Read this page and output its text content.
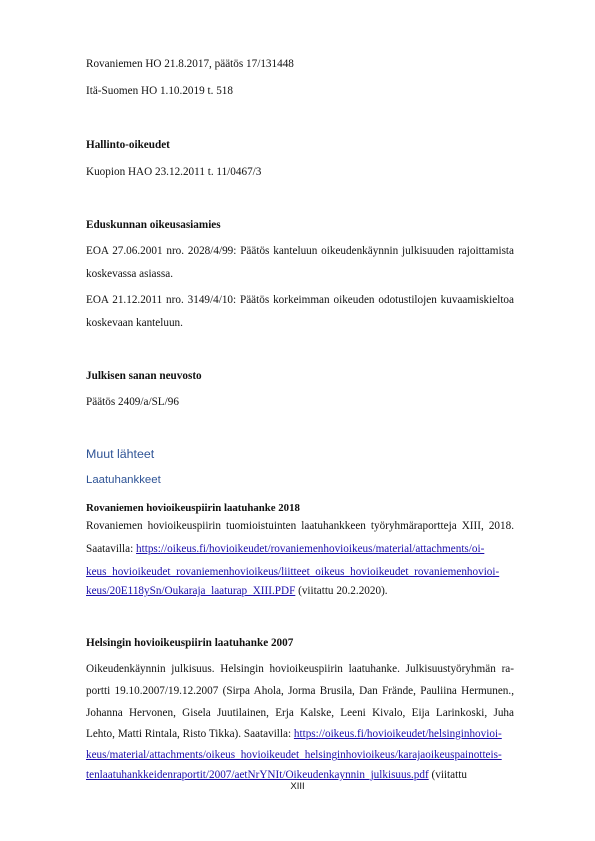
Rovaniemen HO 21.8.2017, päätös 17/131448
Itä-Suomen HO 1.10.2019 t. 518
Hallinto-oikeudet
Kuopion HAO 23.12.2011 t. 11/0467/3
Eduskunnan oikeusasiamies
EOA 27.06.2001 nro. 2028/4/99: Päätös kanteluun oikeudenkäynnin julkisuuden rajoittamista
koskevassa asiassa.
EOA 21.12.2011 nro. 3149/4/10: Päätös korkeimman oikeuden odotustilojen kuvaamiskieltoa
koskevaan kanteluun.
Julkisen sanan neuvosto
Päätös 2409/a/SL/96
Muut lähteet
Laatuhankkeet
Rovaniemen hovioikeuspiirin laatuhanke 2018
Rovaniemen hovioikeuspiirin tuomioistuinten laatuhankkeen työryhmäraportteja XIII, 2018.
Saatavilla: https://oikeus.fi/hovioikeudet/rovaniemenhovioikeus/material/attachments/oi-
keus_hovioikeudet_rovaniemenhovioikeus/liitteet_oikeus_hovioikeudet_rovaniemenhovioi-
keus/20E118ySn/Oukaraja_laaturap_XIII.PDF (viitattu 20.2.2020).
Helsingin hovioikeuspiirin laatuhanke 2007
Oikeudenkäynnin julkisuus. Helsingin hovioikeuspiirin laatuhanke. Julkisuustyöryhmän ra-
portti 19.10.2007/19.12.2007 (Sirpa Ahola, Jorma Brusila, Dan Frände, Pauliina Hermunen.,
Johanna Hervonen, Gisela Juutilainen, Erja Kalske, Leeni Kivalo, Eija Larinkoski, Juha
Lehto, Matti Rintala, Risto Tikka). Saatavilla: https://oikeus.fi/hovioikeudet/helsinginhovioi-
keus/material/attachments/oikeus_hovioikeudet_helsinginhovioikeus/karajaoikeuspainotteis-
tenlaatuhankkeidenraportit/2007/aetNrYNIt/Oikeudenkaynnin_julkisuus.pdf (viitattu
XIII
